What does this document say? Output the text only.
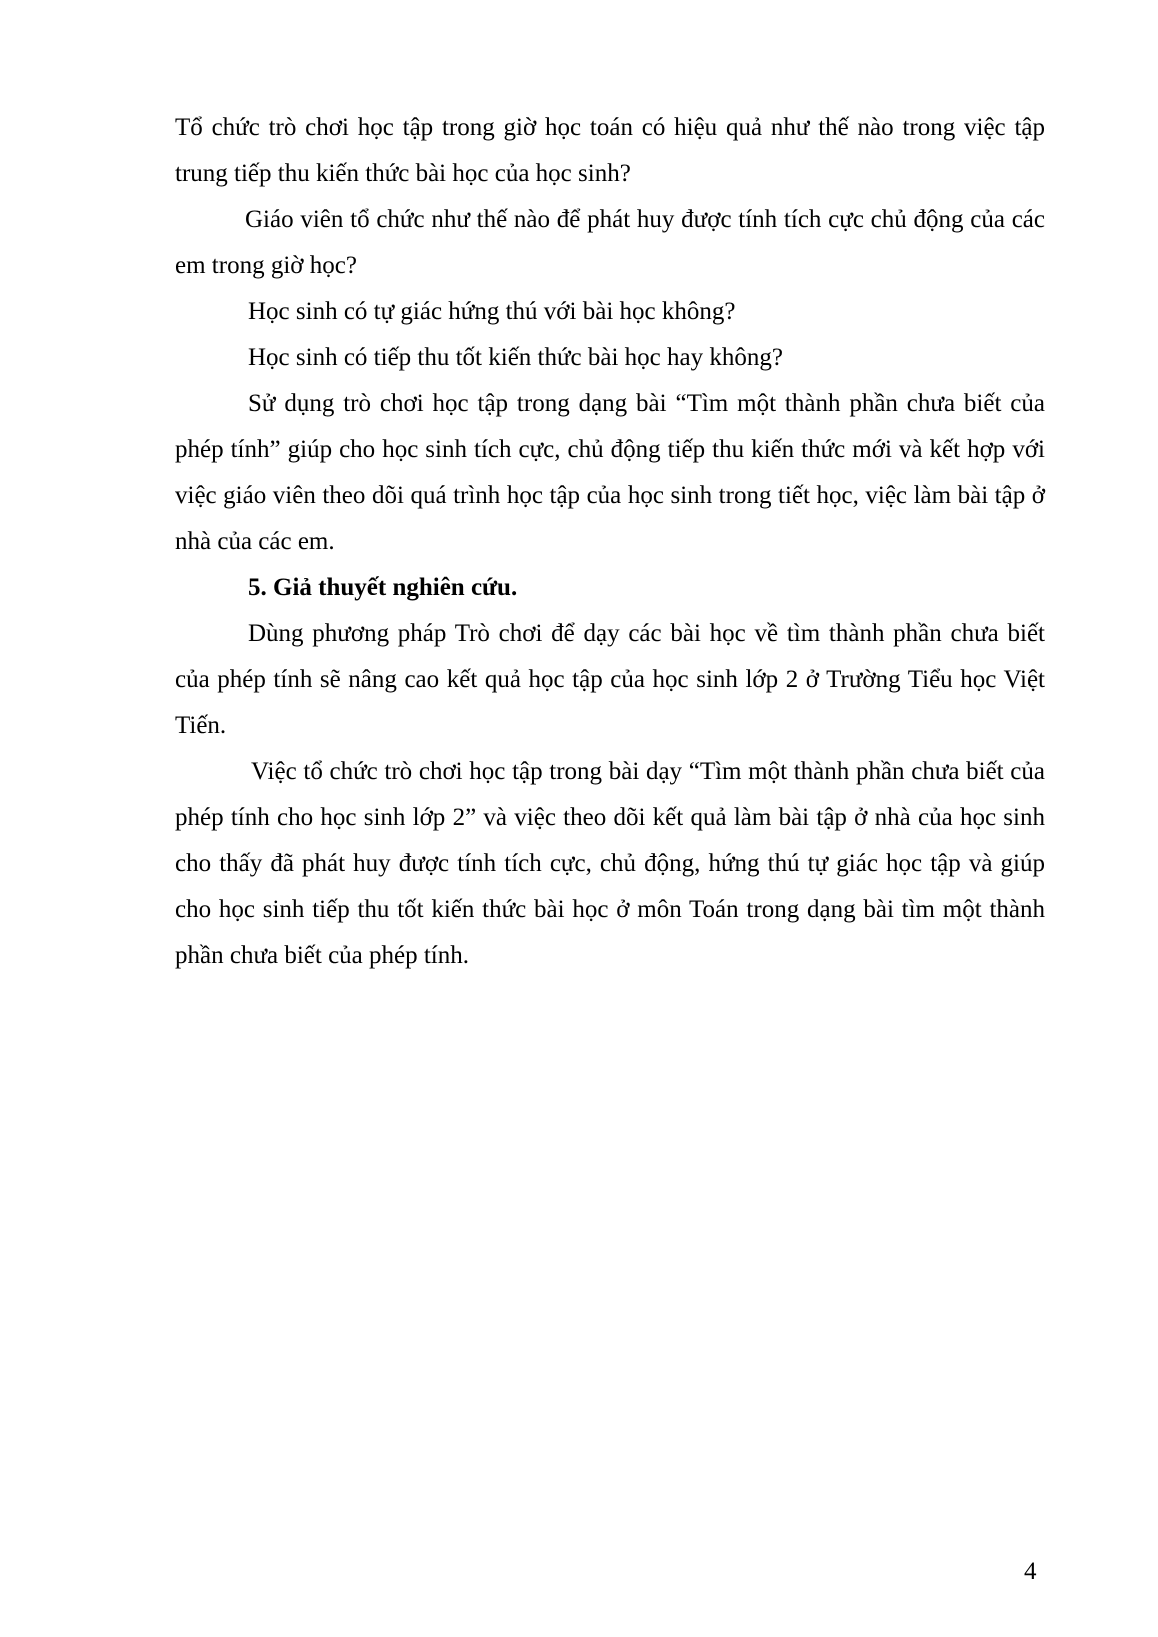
Tổ chức trò chơi học tập trong giờ học toán có hiệu quả như thế nào trong việc tập trung tiếp thu kiến thức bài học của học sinh?

Giáo viên tổ chức như thế nào để phát huy được tính tích cực chủ động của các em trong giờ học?

Học sinh có tự giác hứng thú với bài học không?

Học sinh có tiếp thu tốt kiến thức bài học hay không?

Sử dụng trò chơi học tập trong dạng bài “Tìm một thành phần chưa biết của phép tính” giúp cho học sinh tích cực, chủ động tiếp thu kiến thức mới và kết hợp với việc giáo viên theo dõi quá trình học tập của học sinh trong tiết học, việc làm bài tập ở nhà của các em.

5. Giả thuyết nghiên cứu.

Dùng phương pháp Trò chơi để dạy các bài học về tìm thành phần chưa biết của phép tính sẽ nâng cao kết quả học tập của học sinh lớp 2 ở Trường Tiểu học Việt Tiến.

Việc tổ chức trò chơi học tập trong bài dạy “Tìm một thành phần chưa biết của phép tính cho học sinh lớp 2” và việc theo dõi kết quả làm bài tập ở nhà của học sinh cho thấy đã phát huy được tính tích cực, chủ động, hứng thú tự giác học tập và giúp cho học sinh tiếp thu tốt kiến thức bài học ở môn Toán trong dạng bài tìm một thành phần chưa biết của phép tính.

4
